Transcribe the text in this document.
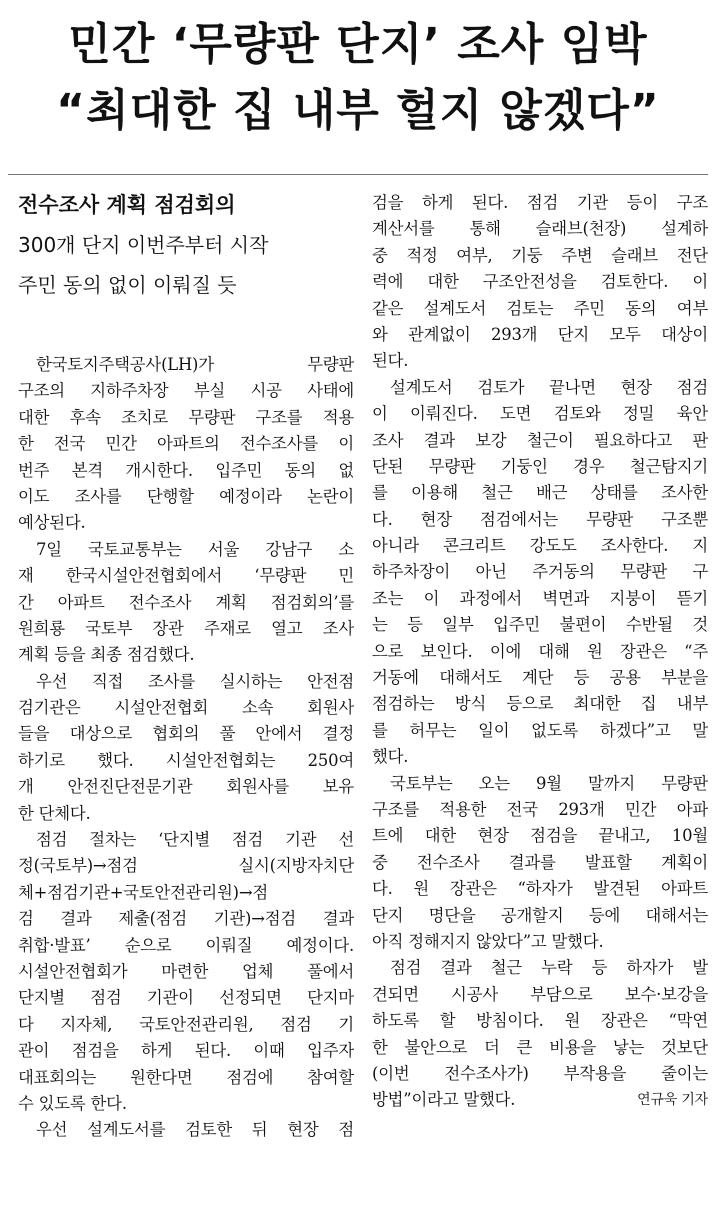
민간 ‘무량판 단지’ 조사 임박
“최대한 집 내부 헐지 않겠다”

전수조사 계획 점검회의

300개 단지 이번주부터 시작

주민 동의 없이 이뤄질 듯

한국토지주택공사(LH)가 무량판
구조의 지하주차장 부실 시공 사태에
대한 후속 조치로 무량판 구조를 적용
한 전국 민간 아파트의 전수조사를 이
번주 본격 개시한다. 입주민 동의 없
이도 조사를 단행할 예정이라 논란이
예상된다.
7일 국토교통부는 서울 강남구 소
재 한국시설안전협회에서 ‘무량판 민
간 아파트 전수조사 계획 점검회의’를
원희룡 국토부 장관 주재로 열고 조사
계획 등을 최종 점검했다.
우선 직접 조사를 실시하는 안전점
검기관은 시설안전협회 소속 회원사
들을 대상으로 협회의 풀 안에서 결정
하기로 했다. 시설안전협회는 250여
개 안전진단전문기관 회원사를 보유
한 단체다.
점검 절차는 ‘단지별 점검 기관 선
정(국토부)→점검 실시(지방자치단
체+점검기관+국토안전관리원)→점
검 결과 제출(점검 기관)→점검 결과
취합·발표’ 순으로 이뤄질 예정이다.
시설안전협회가 마련한 업체 풀에서
단지별 점검 기관이 선정되면 단지마
다 지자체, 국토안전관리원, 점검 기
관이 점검을 하게 된다. 이때 입주자
대표회의는 원한다면 점검에 참여할
수 있도록 한다.
우선 설계도서를 검토한 뒤 현장 점
검을 하게 된다. 점검 기관 등이 구조
계산서를 통해 슬래브(천장) 설계하
중 적정 여부, 기둥 주변 슬래브 전단
력에 대한 구조안전성을 검토한다. 이
같은 설계도서 검토는 주민 동의 여부
와 관계없이 293개 단지 모두 대상이
된다.
설계도서 검토가 끝나면 현장 점검
이 이뤄진다. 도면 검토와 정밀 육안
조사 결과 보강 철근이 필요하다고 판
단된 무량판 기둥인 경우 철근탐지기
를 이용해 철근 배근 상태를 조사한
다. 현장 점검에서는 무량판 구조뿐
아니라 콘크리트 강도도 조사한다. 지
하주차장이 아닌 주거동의 무량판 구
조는 이 과정에서 벽면과 지붕이 뜯기
는 등 일부 입주민 불편이 수반될 것
으로 보인다. 이에 대해 원 장관은 “주
거동에 대해서도 계단 등 공용 부분을
점검하는 방식 등으로 최대한 집 내부
를 허무는 일이 없도록 하겠다”고 말
했다.
국토부는 오는 9월 말까지 무량판
구조를 적용한 전국 293개 민간 아파
트에 대한 현장 점검을 끝내고, 10월
중 전수조사 결과를 발표할 계획이
다. 원 장관은 “하자가 발견된 아파트
단지 명단을 공개할지 등에 대해서는
아직 정해지지 않았다”고 말했다.
점검 결과 철근 누락 등 하자가 발
견되면 시공사 부담으로 보수·보강을
하도록 할 방침이다. 원 장관은 “막연
한 불안으로 더 큰 비용을 낳는 것보단
(이번 전수조사가) 부작용을 줄이는
방법”이라고 말했다.	연규욱 기자
